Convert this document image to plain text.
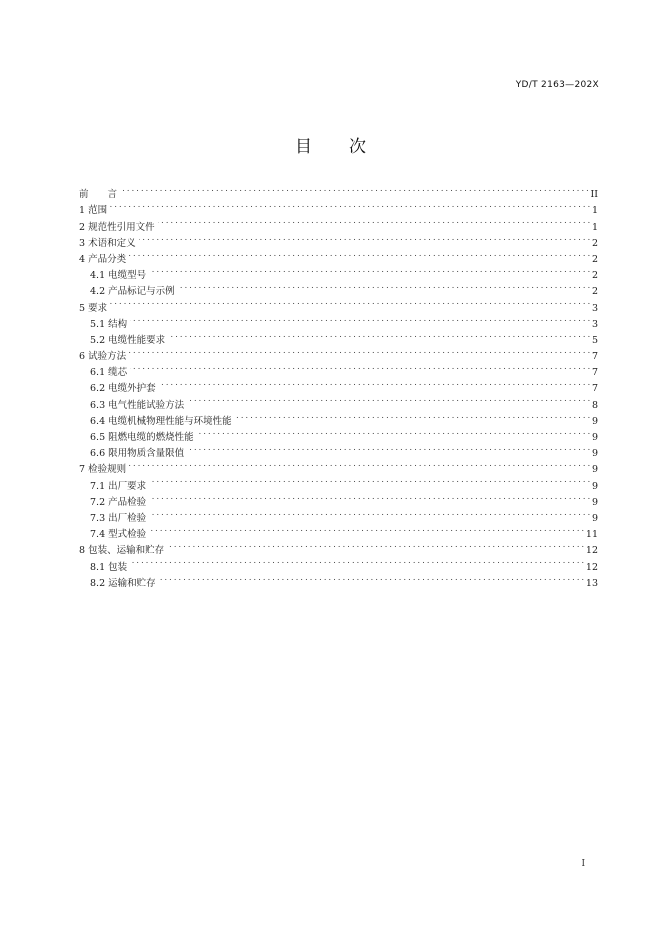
YD/T 2163—202X
目　　次
前　　言 . . .	II
1 范围 . . .	1
2 规范性引用文件 . . .	1
3 术语和定义 . . .	2
4 产品分类 . . .	2
4.1 电缆型号 . . .	2
4.2 产品标记与示例 . . .	2
5 要求 . . .	3
5.1 结构 . . .	3
5.2 电缆性能要求 . . .	5
6 试验方法 . . .	7
6.1 缆芯 . . .	7
6.2 电缆外护套 . . .	7
6.3 电气性能试验方法 . . .	8
6.4 电缆机械物理性能与环境性能 . . .	9
6.5 阻燃电缆的燃烧性能 . . .	9
6.6 限用物质含量限值 . . .	9
7 检验规则 . . .	9
7.1 出厂要求 . . .	9
7.2 产品检验 . . .	9
7.3 出厂检验 . . .	9
7.4 型式检验 . . .	11
8 包装、运输和贮存 . . .	12
8.1 包装 . . .	12
8.2 运输和贮存 . . .	13
I
